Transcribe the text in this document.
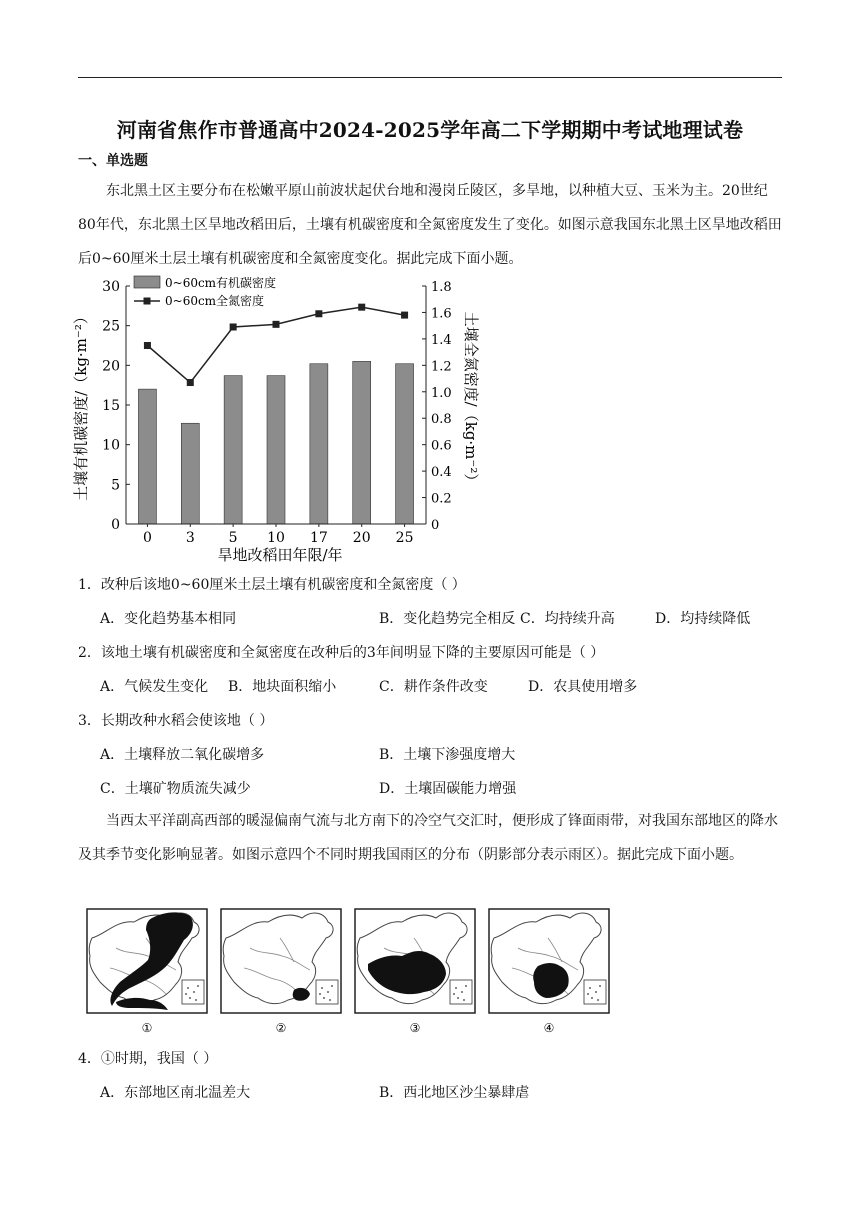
河南省焦作市普通高中2024-2025学年高二下学期期中考试地理试卷
一、单选题

东北黑土区主要分布在松嫩平原山前波状起伏台地和漫岗丘陵区，多旱地，以种植大豆、玉米为主。20世纪80年代，东北黑土区旱地改稻田后，土壤有机碳密度和全氮密度发生了变化。如图示意我国东北黑土区旱地改稻田后0~60厘米土层土壤有机碳密度和全氮密度变化。据此完成下面小题。

0
5
10
15
20
25
30
0
0.2
0.4
0.6
0.8
1.0
1.2
1.4
1.6
1.8
0 3 5 10 17 20 25
0~60cm有机碳密度
0~60cm全氮密度
旱地改稻田年限/年
土壤有机碳密度/（kg·m⁻²）	土壤全氮密度/（kg·m⁻²）
1．改种后该地0~60厘米土层土壤有机碳密度和全氮密度（ ）
A．变化趋势基本相同	B．变化趋势完全相反 C．均持续升高	D．均持续降低
2．该地土壤有机碳密度和全氮密度在改种后的3年间明显下降的主要原因可能是（ ）
A．气候发生变化 B．地块面积缩小	C．耕作条件改变	D．农具使用增多
3．长期改种水稻会使该地（ ）
A．土壤释放二氧化碳增多	B．土壤下渗强度增大
C．土壤矿物质流失减少	D．土壤固碳能力增强

当西太平洋副高西部的暖湿偏南气流与北方南下的冷空气交汇时，便形成了锋面雨带，对我国东部地区的降水及其季节变化影响显著。如图示意四个不同时期我国雨区的分布（阴影部分表示雨区）。据此完成下面小题。

①	②	③	④
4．①时期，我国（ ）
A．东部地区南北温差大	B．西北地区沙尘暴肆虐
